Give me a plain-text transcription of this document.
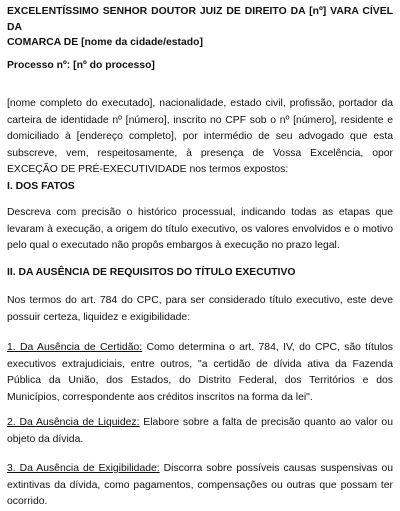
EXCELENTÍSSIMO SENHOR DOUTOR JUIZ DE DIREITO DA [nº] VARA CÍVEL DA

COMARCA DE [nome da cidade/estado]

Processo nº: [nº do processo]

[nome completo do executado], nacionalidade, estado civil, profissão, portador da carteira de identidade nº [número], inscrito no CPF sob o nº [número], residente e domiciliado à [endereço completo], por intermédio de seu advogado que esta subscreve, vem, respeitosamente, à presença de Vossa Excelência, opor EXCEÇÃO DE PRÉ-EXECUTIVIDADE nos termos expostos:

I. DOS FATOS

Descreva com precisão o histórico processual, indicando todas as etapas que levaram à execução, a origem do título executivo, os valores envolvidos e o motivo pelo qual o executado não propôs embargos à execução no prazo legal.

II. DA AUSÊNCIA DE REQUISITOS DO TÍTULO EXECUTIVO

Nos termos do art. 784 do CPC, para ser considerado título executivo, este deve possuir certeza, liquidez e exigibilidade:

1. Da Ausência de Certidão: Como determina o art. 784, IV, do CPC, são títulos executivos extrajudiciais, entre outros, "a certidão de dívida ativa da Fazenda Pública da União, dos Estados, do Distrito Federal, dos Territórios e dos Municípios, correspondente aos créditos inscritos na forma da lei".

2. Da Ausência de Liquidez: Elabore sobre a falta de precisão quanto ao valor ou objeto da dívida.

3. Da Ausência de Exigibilidade: Discorra sobre possíveis causas suspensivas ou extintivas da dívida, como pagamentos, compensações ou outras que possam ter ocorrido.
